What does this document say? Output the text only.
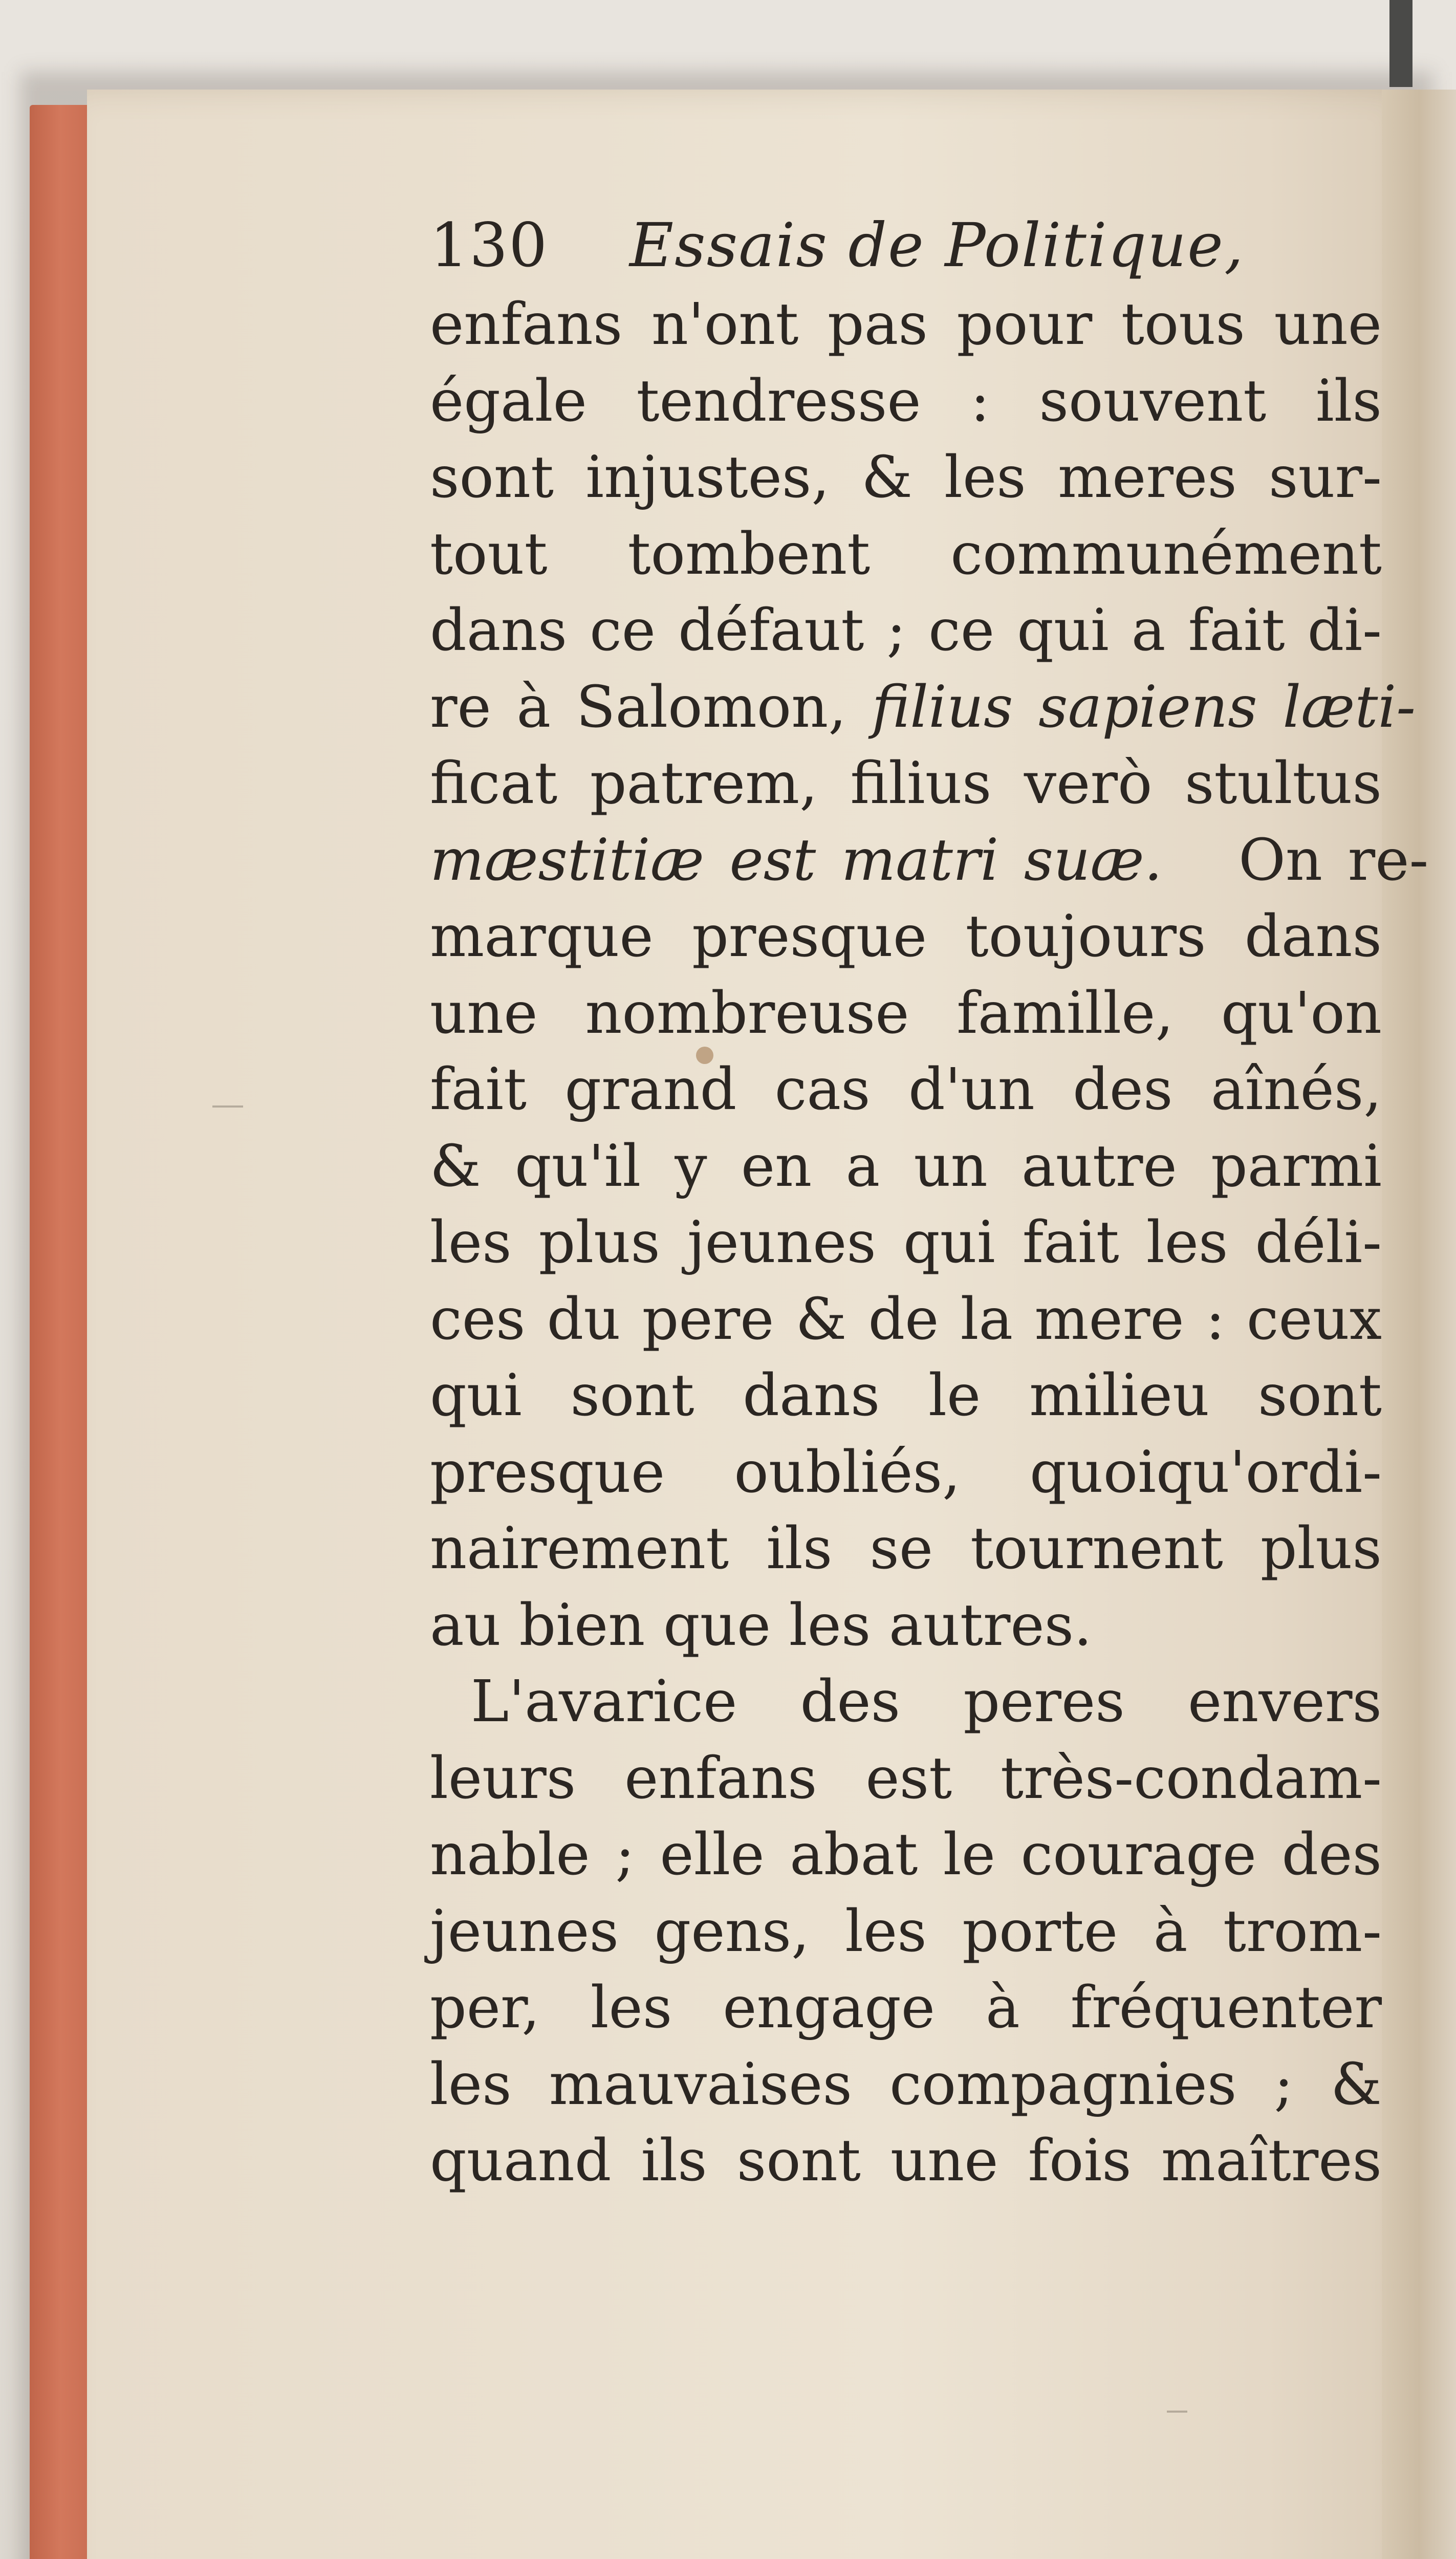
130 Essais de Politique,
enfans n'ont pas pour tous une
égale tendresse : souvent ils
sont injustes, & les meres sur-
tout tombent communément
dans ce défaut ; ce qui a fait di-
re à Salomon, filius sapiens læti-
ficat patrem, filius verò stultus
mæstitiæ est matri suæ. On re-
marque presque toujours dans
une nombreuse famille, qu'on
fait grand cas d'un des aînés,
& qu'il y en a un autre parmi
les plus jeunes qui fait les déli-
ces du pere & de la mere : ceux
qui sont dans le milieu sont
presque oubliés, quoiqu'ordi-
nairement ils se tournent plus
au bien que les autres.
L'avarice des peres envers
leurs enfans est très-condam-
nable ; elle abat le courage des
jeunes gens, les porte à trom-
per, les engage à fréquenter
les mauvaises compagnies ; &
quand ils sont une fois maîtres
